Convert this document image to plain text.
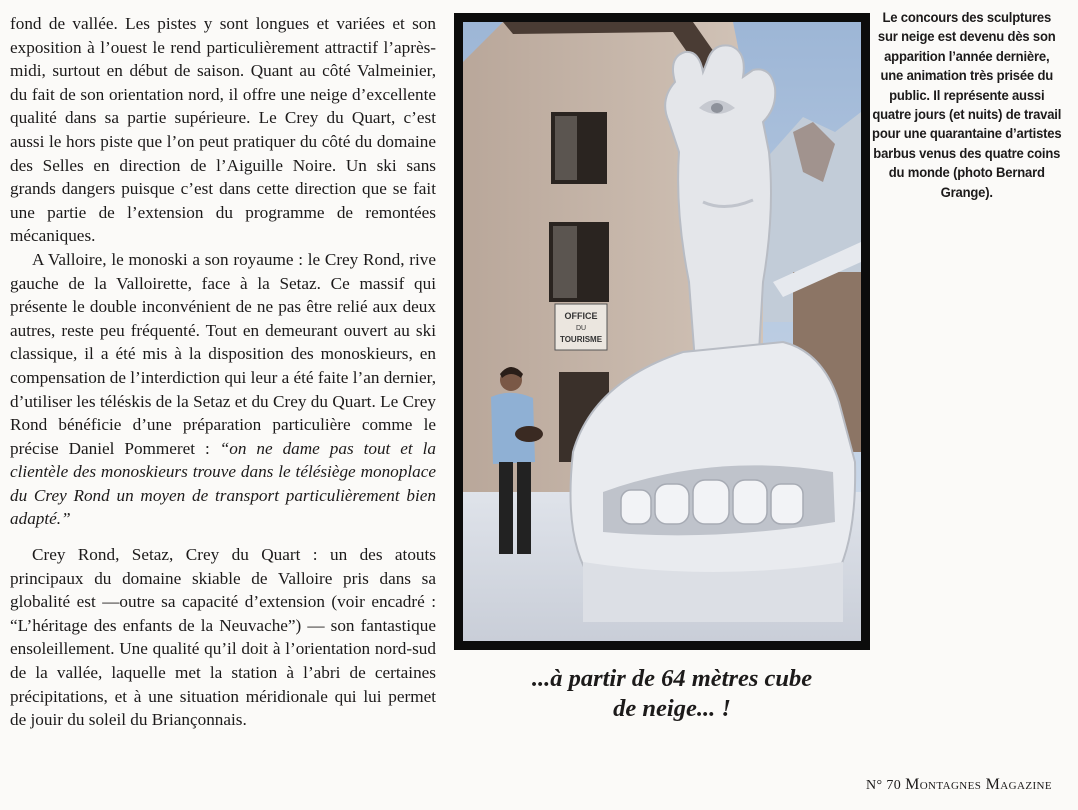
fond de vallée. Les pistes y sont longues et variées et son exposition à l’ouest le rend particulièrement attractif l’après-midi, surtout en début de saison. Quant au côté Valmeinier, du fait de son orientation nord, il offre une neige d’excellente qualité dans sa partie supérieure. Le Crey du Quart, c’est aussi le hors piste que l’on peut pratiquer du côté du domaine des Selles en direction de l’Aiguille Noire. Un ski sans grands dangers puisque c’est dans cette direction que se fait une partie de l’extension du programme de remontées mécaniques.

A Valloire, le monoski a son royaume : le Crey Rond, rive gauche de la Valloirette, face à la Setaz. Ce massif qui présente le double inconvénient de ne pas être relié aux deux autres, reste peu fréquenté. Tout en demeurant ouvert au ski classique, il a été mis à la disposition des monoskieurs, en compensation de l’interdiction qui leur a été faite l’an dernier, d’utiliser les téléskis de la Setaz et du Crey du Quart. Le Crey Rond bénéficie d’une préparation particulière comme le précise Daniel Pommeret : “on ne dame pas tout et la clientèle des monoskieurs trouve dans le télésiège monoplace du Crey Rond un moyen de transport particulièrement bien adapté.”

Crey Rond, Setaz, Crey du Quart : un des atouts principaux du domaine skiable de Valloire pris dans sa globalité est —outre sa capacité d’extension (voir encadré : “L’héritage des enfants de la Neuvache”) — son fantastique ensoleillement. Une qualité qu’il doit à l’orientation nord-sud de la vallée, laquelle met la station à l’abri de certaines précipitations, et à une situation méridionale qui lui permet de jouir du soleil du Briançonnais.

OFFICE
DU
TOURISME
Le concours des sculptures sur neige est devenu dès son apparition l’année dernière, une animation très prisée du public. Il représente aussi quatre jours (et nuits) de travail pour une quarantaine d’artistes barbus venus des quatre coins du monde (photo Bernard Grange).
...à partir de 64 mètres cube
de neige... !
N° 70 Montagnes Magazine
